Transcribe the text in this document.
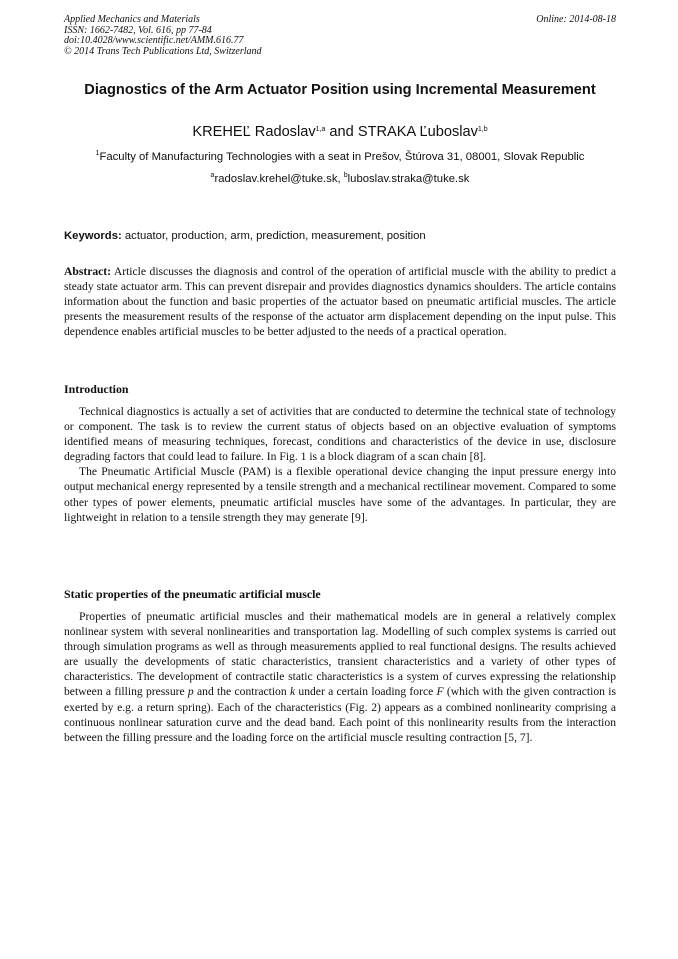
Applied Mechanics and Materials
ISSN: 1662-7482, Vol. 616, pp 77-84
doi:10.4028/www.scientific.net/AMM.616.77
© 2014 Trans Tech Publications Ltd, Switzerland
Online: 2014-08-18
Diagnostics of the Arm Actuator Position using Incremental Measurement
KREHEĽ Radoslav$^{1,a}$ and STRAKA Ľuboslav$^{1,b}$
$^1$Faculty of Manufacturing Technologies with a seat in Prešov, Štúrova 31, 08001, Slovak Republic
$^a$radoslav.krehel@tuke.sk, $^b$luboslav.straka@tuke.sk
Keywords: actuator, production, arm, prediction, measurement, position
Abstract: Article discusses the diagnosis and control of the operation of artificial muscle with the ability to predict a steady state actuator arm. This can prevent disrepair and provides diagnostics dynamics shoulders. The article contains information about the function and basic properties of the actuator based on pneumatic artificial muscles. The article presents the measurement results of the response of the actuator arm displacement depending on the input pulse. This dependence enables artificial muscles to be better adjusted to the needs of a practical operation.
Introduction

Technical diagnostics is actually a set of activities that are conducted to determine the technical state of technology or component. The task is to review the current status of objects based on an objective evaluation of symptoms identified means of measuring techniques, forecast, conditions and characteristics of the device in use, disclosure degrading factors that could lead to failure. In Fig. 1 is a block diagram of a scan chain [8].

The Pneumatic Artificial Muscle (PAM) is a flexible operational device changing the input pressure energy into output mechanical energy represented by a tensile strength and a mechanical rectilinear movement. Compared to some other types of power elements, pneumatic artificial muscles have some of the advantages. In particular, they are lightweight in relation to a tensile strength they may generate [9].

Static properties of the pneumatic artificial muscle

Properties of pneumatic artificial muscles and their mathematical models are in general a relatively complex nonlinear system with several nonlinearities and transportation lag. Modelling of such complex systems is carried out through simulation programs as well as through measurements applied to real functional designs. The results achieved are usually the developments of static characteristics, transient characteristics and a variety of other types of characteristics. The development of contractile static characteristics is a system of curves expressing the relationship between a filling pressure p and the contraction k under a certain loading force F (which with the given contraction is exerted by e.g. a return spring). Each of the characteristics (Fig. 2) appears as a combined nonlinearity comprising a continuous nonlinear saturation curve and the dead band. Each point of this nonlinearity results from the interaction between the filling pressure and the loading force on the artificial muscle resulting contraction [5, 7].
